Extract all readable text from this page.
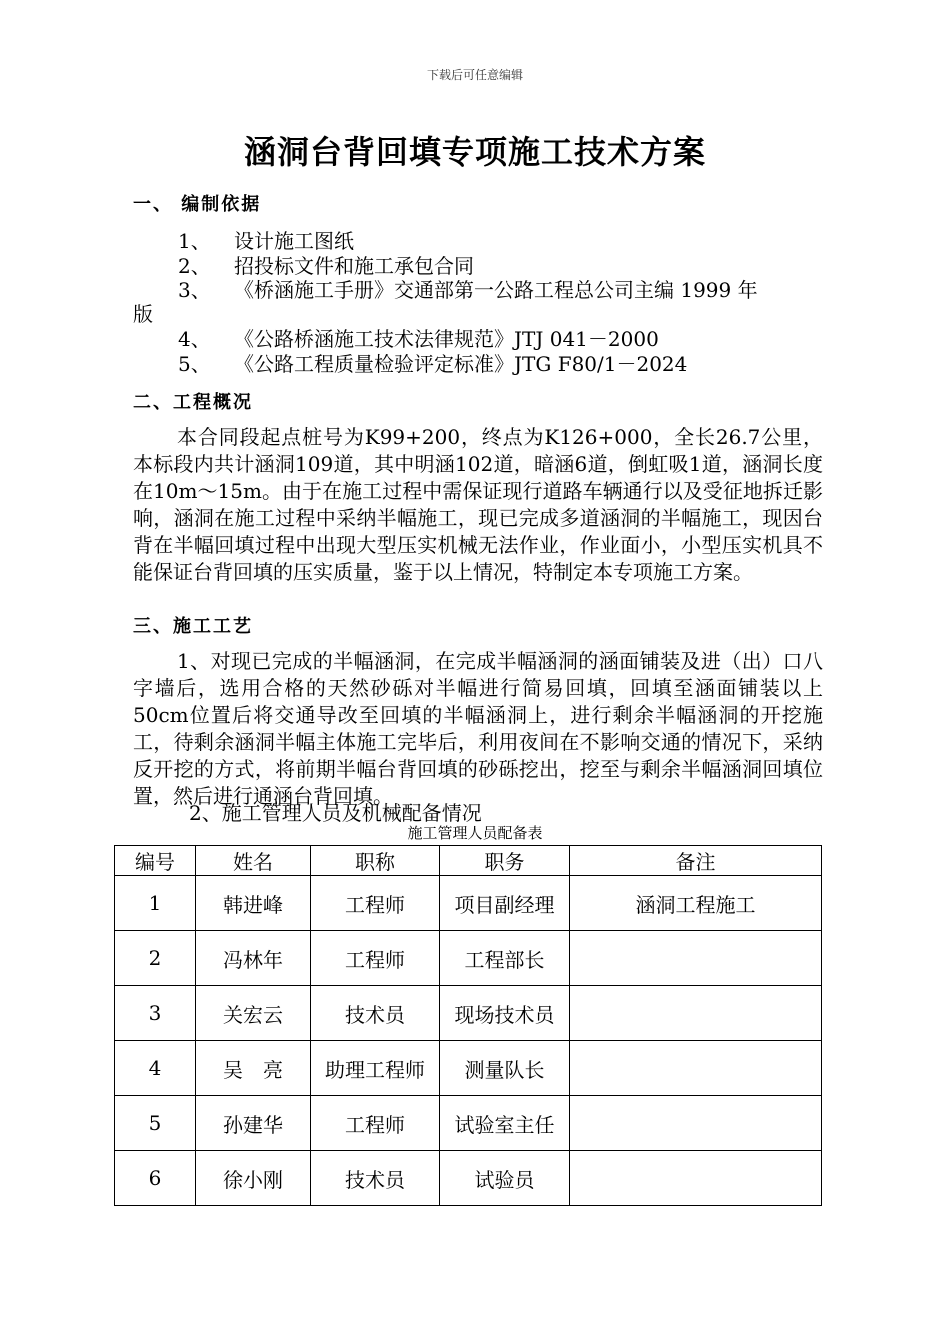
下载后可任意编辑
涵洞台背回填专项施工技术方案
一、 编制依据
1、 设计施工图纸
2、 招投标文件和施工承包合同
3、 《桥涵施工手册》交通部第一公路工程总公司主编 1999 年
版
4、 《公路桥涵施工技术法律规范》JTJ 041－2000
5、 《公路工程质量检验评定标准》JTG F80/1－2024
二、工程概况
本合同段起点桩号为K99+200，终点为K126+000，全长26.7公里，本标段内共计涵洞109道，其中明涵102道，暗涵6道，倒虹吸1道，涵洞长度在10m～15m。由于在施工过程中需保证现行道路车辆通行以及受征地拆迁影响，涵洞在施工过程中采纳半幅施工，现已完成多道涵洞的半幅施工，现因台背在半幅回填过程中出现大型压实机械无法作业，作业面小，小型压实机具不能保证台背回填的压实质量，鉴于以上情况，特制定本专项施工方案。
三、施工工艺
1、对现已完成的半幅涵洞，在完成半幅涵洞的涵面铺装及进（出）口八字墙后，选用合格的天然砂砾对半幅进行简易回填，回填至涵面铺装以上50cm位置后将交通导改至回填的半幅涵洞上，进行剩余半幅涵洞的开挖施工，待剩余涵洞半幅主体施工完毕后，利用夜间在不影响交通的情况下，采纳反开挖的方式，将前期半幅台背回填的砂砾挖出，挖至与剩余半幅涵洞回填位置，然后进行通涵台背回填。
2、施工管理人员及机械配备情况
施工管理人员配备表
编号	姓名	职称	职务	备注
1	韩进峰	工程师	项目副经理	涵洞工程施工
2	冯林年	工程师	工程部长	
3	关宏云	技术员	现场技术员	
4	吴　亮	助理工程师	测量队长	
5	孙建华	工程师	试验室主任	
6	徐小刚	技术员	试验员	
